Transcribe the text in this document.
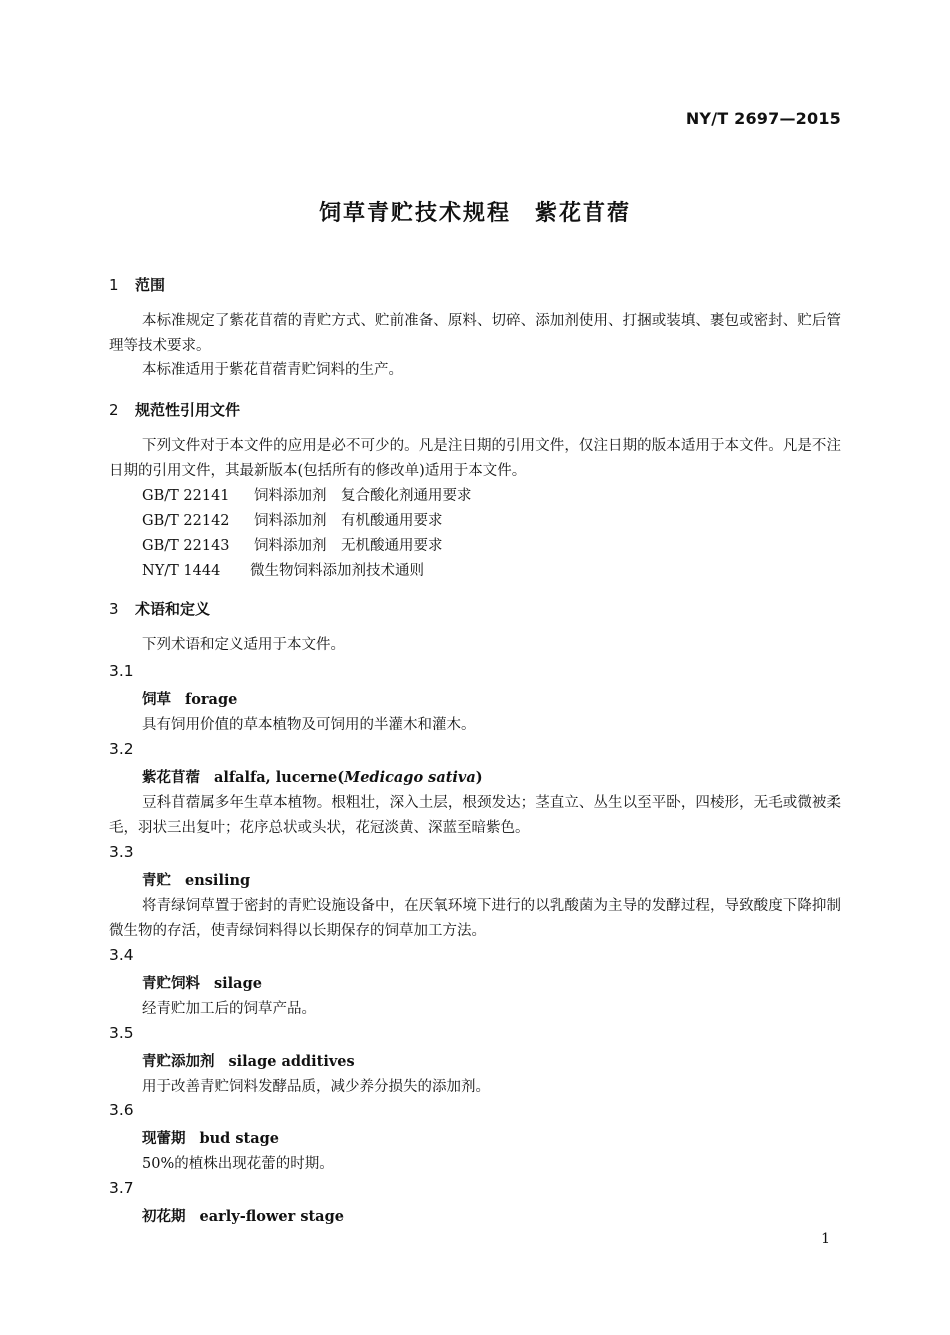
NY/T 2697—2015
饲草青贮技术规程　紫花苜蓿
1 范围
本标准规定了紫花苜蓿的青贮方式、贮前准备、原料、切碎、添加剂使用、打捆或装填、裹包或密封、贮后管理等技术要求。
本标准适用于紫花苜蓿青贮饲料的生产。
2 规范性引用文件
下列文件对于本文件的应用是必不可少的。凡是注日期的引用文件，仅注日期的版本适用于本文件。凡是不注日期的引用文件，其最新版本(包括所有的修改单)适用于本文件。
GB/T 22141 饲料添加剂　复合酸化剂通用要求
GB/T 22142 饲料添加剂　有机酸通用要求
GB/T 22143 饲料添加剂　无机酸通用要求
NY/T 1444 微生物饲料添加剂技术通则
3 术语和定义
下列术语和定义适用于本文件。
3.1
饲草 forage
具有饲用价值的草本植物及可饲用的半灌木和灌木。
3.2
紫花苜蓿 alfalfa, lucerne(Medicago sativa)
豆科苜蓿属多年生草本植物。根粗壮，深入土层，根颈发达；茎直立、丛生以至平卧，四棱形，无毛或微被柔毛，羽状三出复叶；花序总状或头状，花冠淡黄、深蓝至暗紫色。
3.3
青贮 ensiling
将青绿饲草置于密封的青贮设施设备中，在厌氧环境下进行的以乳酸菌为主导的发酵过程，导致酸度下降抑制微生物的存活，使青绿饲料得以长期保存的饲草加工方法。
3.4
青贮饲料 silage
经青贮加工后的饲草产品。
3.5
青贮添加剂 silage additives
用于改善青贮饲料发酵品质，减少养分损失的添加剂。
3.6
现蕾期 bud stage
50%的植株出现花蕾的时期。
3.7
初花期 early-flower stage
1
